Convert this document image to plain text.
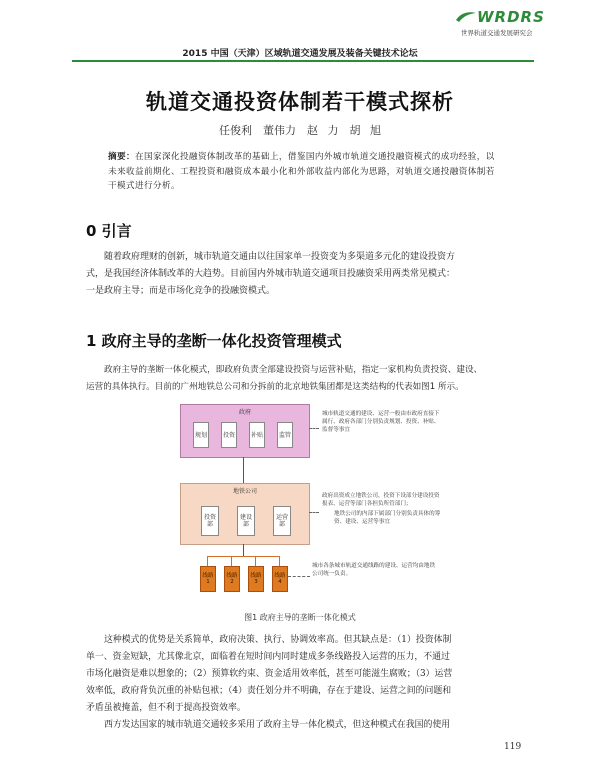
WRDRS
世界轨道交通发展研究会
2015 中国（天津）区域轨道交通发展及装备关键技术论坛
轨道交通投资体制若干模式探析
任俊利　董伟力　赵 力　胡 旭
摘要：在国家深化投融资体制改革的基础上，借鉴国内外城市轨道交通投融资模式的成功经验，以未来收益前期化、工程投资和融资成本最小化和外部收益内部化为思路，对轨道交通投融资体制若干模式进行分析。
0 引言
随着政府理财的创新，城市轨道交通由以往国家单一投资变为多渠道多元化的建设投资方
式，是我国经济体制改革的大趋势。目前国内外城市轨道交通项目投融资采用两类常见模式：
一是政府主导；而是市场化竞争的投融资模式。
1 政府主导的垄断一体化投资管理模式
政府主导的垄断一体化模式，即政府负责全部建设投资与运营补贴，指定一家机构负责投资、建设、
运营的具体执行。目前的广州地铁总公司和分拆前的北京地铁集团都是这类结构的代表如图1 所示。
政府
规划	投资	补贴	监管
地铁公司
投资部
建设部
运营部
线路1
线路2
线路3
线路4
城市轨道交通的建设、运营一般由市政府直接下属行、政府各部门分别负责规划、投资、补贴、监督等事宜
政府出资成立地铁公司，投资下设部分建设投资报表、运营等部门各担负所管部门；
地铁公司的内部下属部门分别负责具体的筹资、建设、运营等事宜
城市各条城市轨道交通线路的建设、运营均由地铁公司统一负责。
图1 政府主导的垄断一体化模式
这种模式的优势是关系简单，政府决策、执行、协调效率高。但其缺点是：（1）投资体制
单一、资金短缺，尤其像北京，面临着在短时间内同时建成多条线路投入运营的压力，不通过
市场化融资是难以想象的；（2）预算软约束、资金适用效率低，甚至可能滋生腐败；（3）运营
效率低，政府背负沉重的补贴包袱；（4）责任划分并不明确，存在于建设、运营之间的问题和
矛盾虽被掩盖，但不利于提高投资效率。
西方发达国家的城市轨道交通较多采用了政府主导一体化模式，但这种模式在我国的使用
119
